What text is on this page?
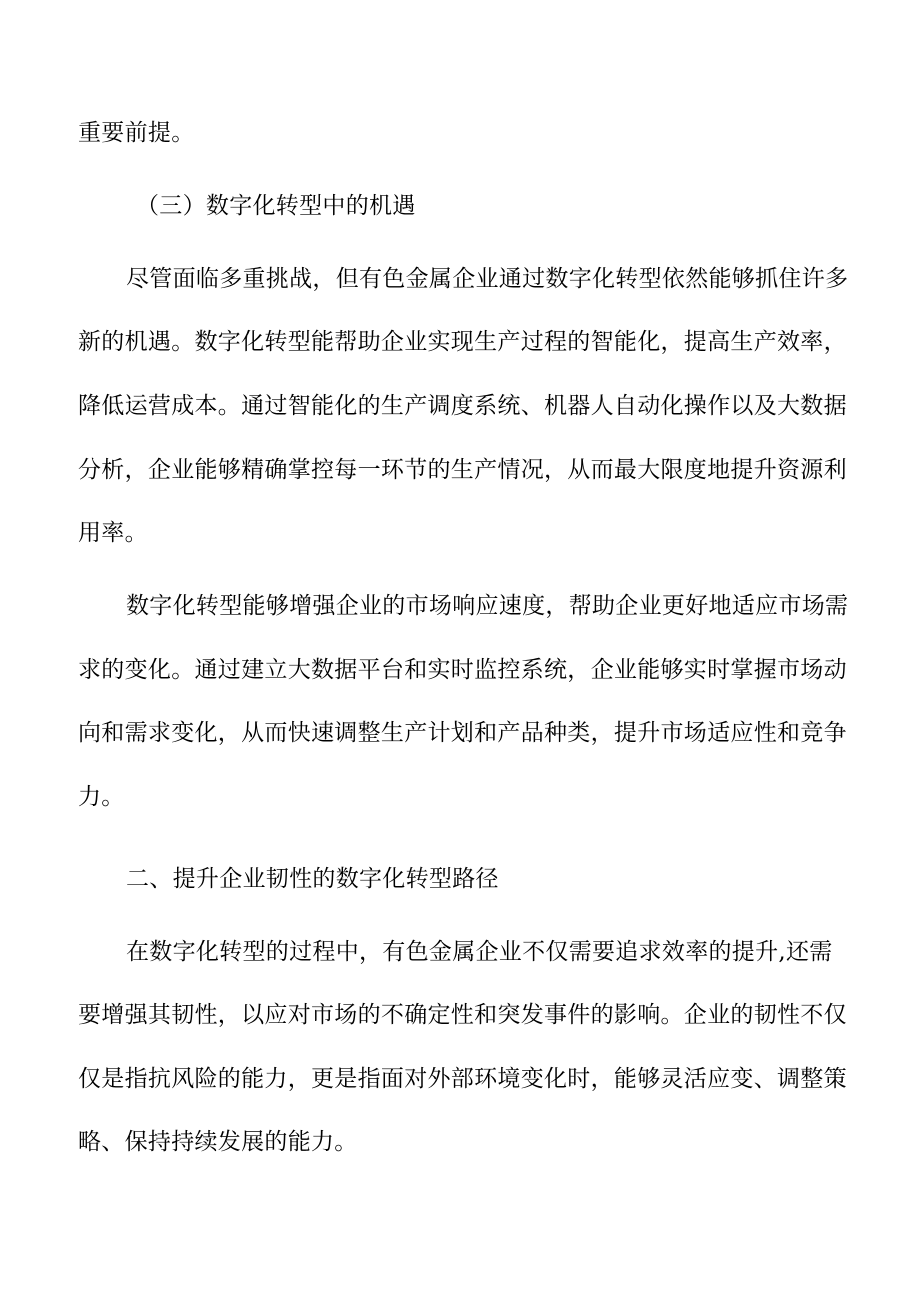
重要前提。
（三）数字化转型中的机遇
尽管面临多重挑战，但有色金属企业通过数字化转型依然能够抓住许多
新的机遇。数字化转型能帮助企业实现生产过程的智能化，提高生产效率，
降低运营成本。通过智能化的生产调度系统、机器人自动化操作以及大数据
分析，企业能够精确掌控每一环节的生产情况，从而最大限度地提升资源利
用率。
数字化转型能够增强企业的市场响应速度，帮助企业更好地适应市场需
求的变化。通过建立大数据平台和实时监控系统，企业能够实时掌握市场动
向和需求变化，从而快速调整生产计划和产品种类，提升市场适应性和竞争
力。
二、提升企业韧性的数字化转型路径
在数字化转型的过程中，有色金属企业不仅需要追求效率的提升,还需
要增强其韧性，以应对市场的不确定性和突发事件的影响。企业的韧性不仅
仅是指抗风险的能力，更是指面对外部环境变化时，能够灵活应变、调整策
略、保持持续发展的能力。
